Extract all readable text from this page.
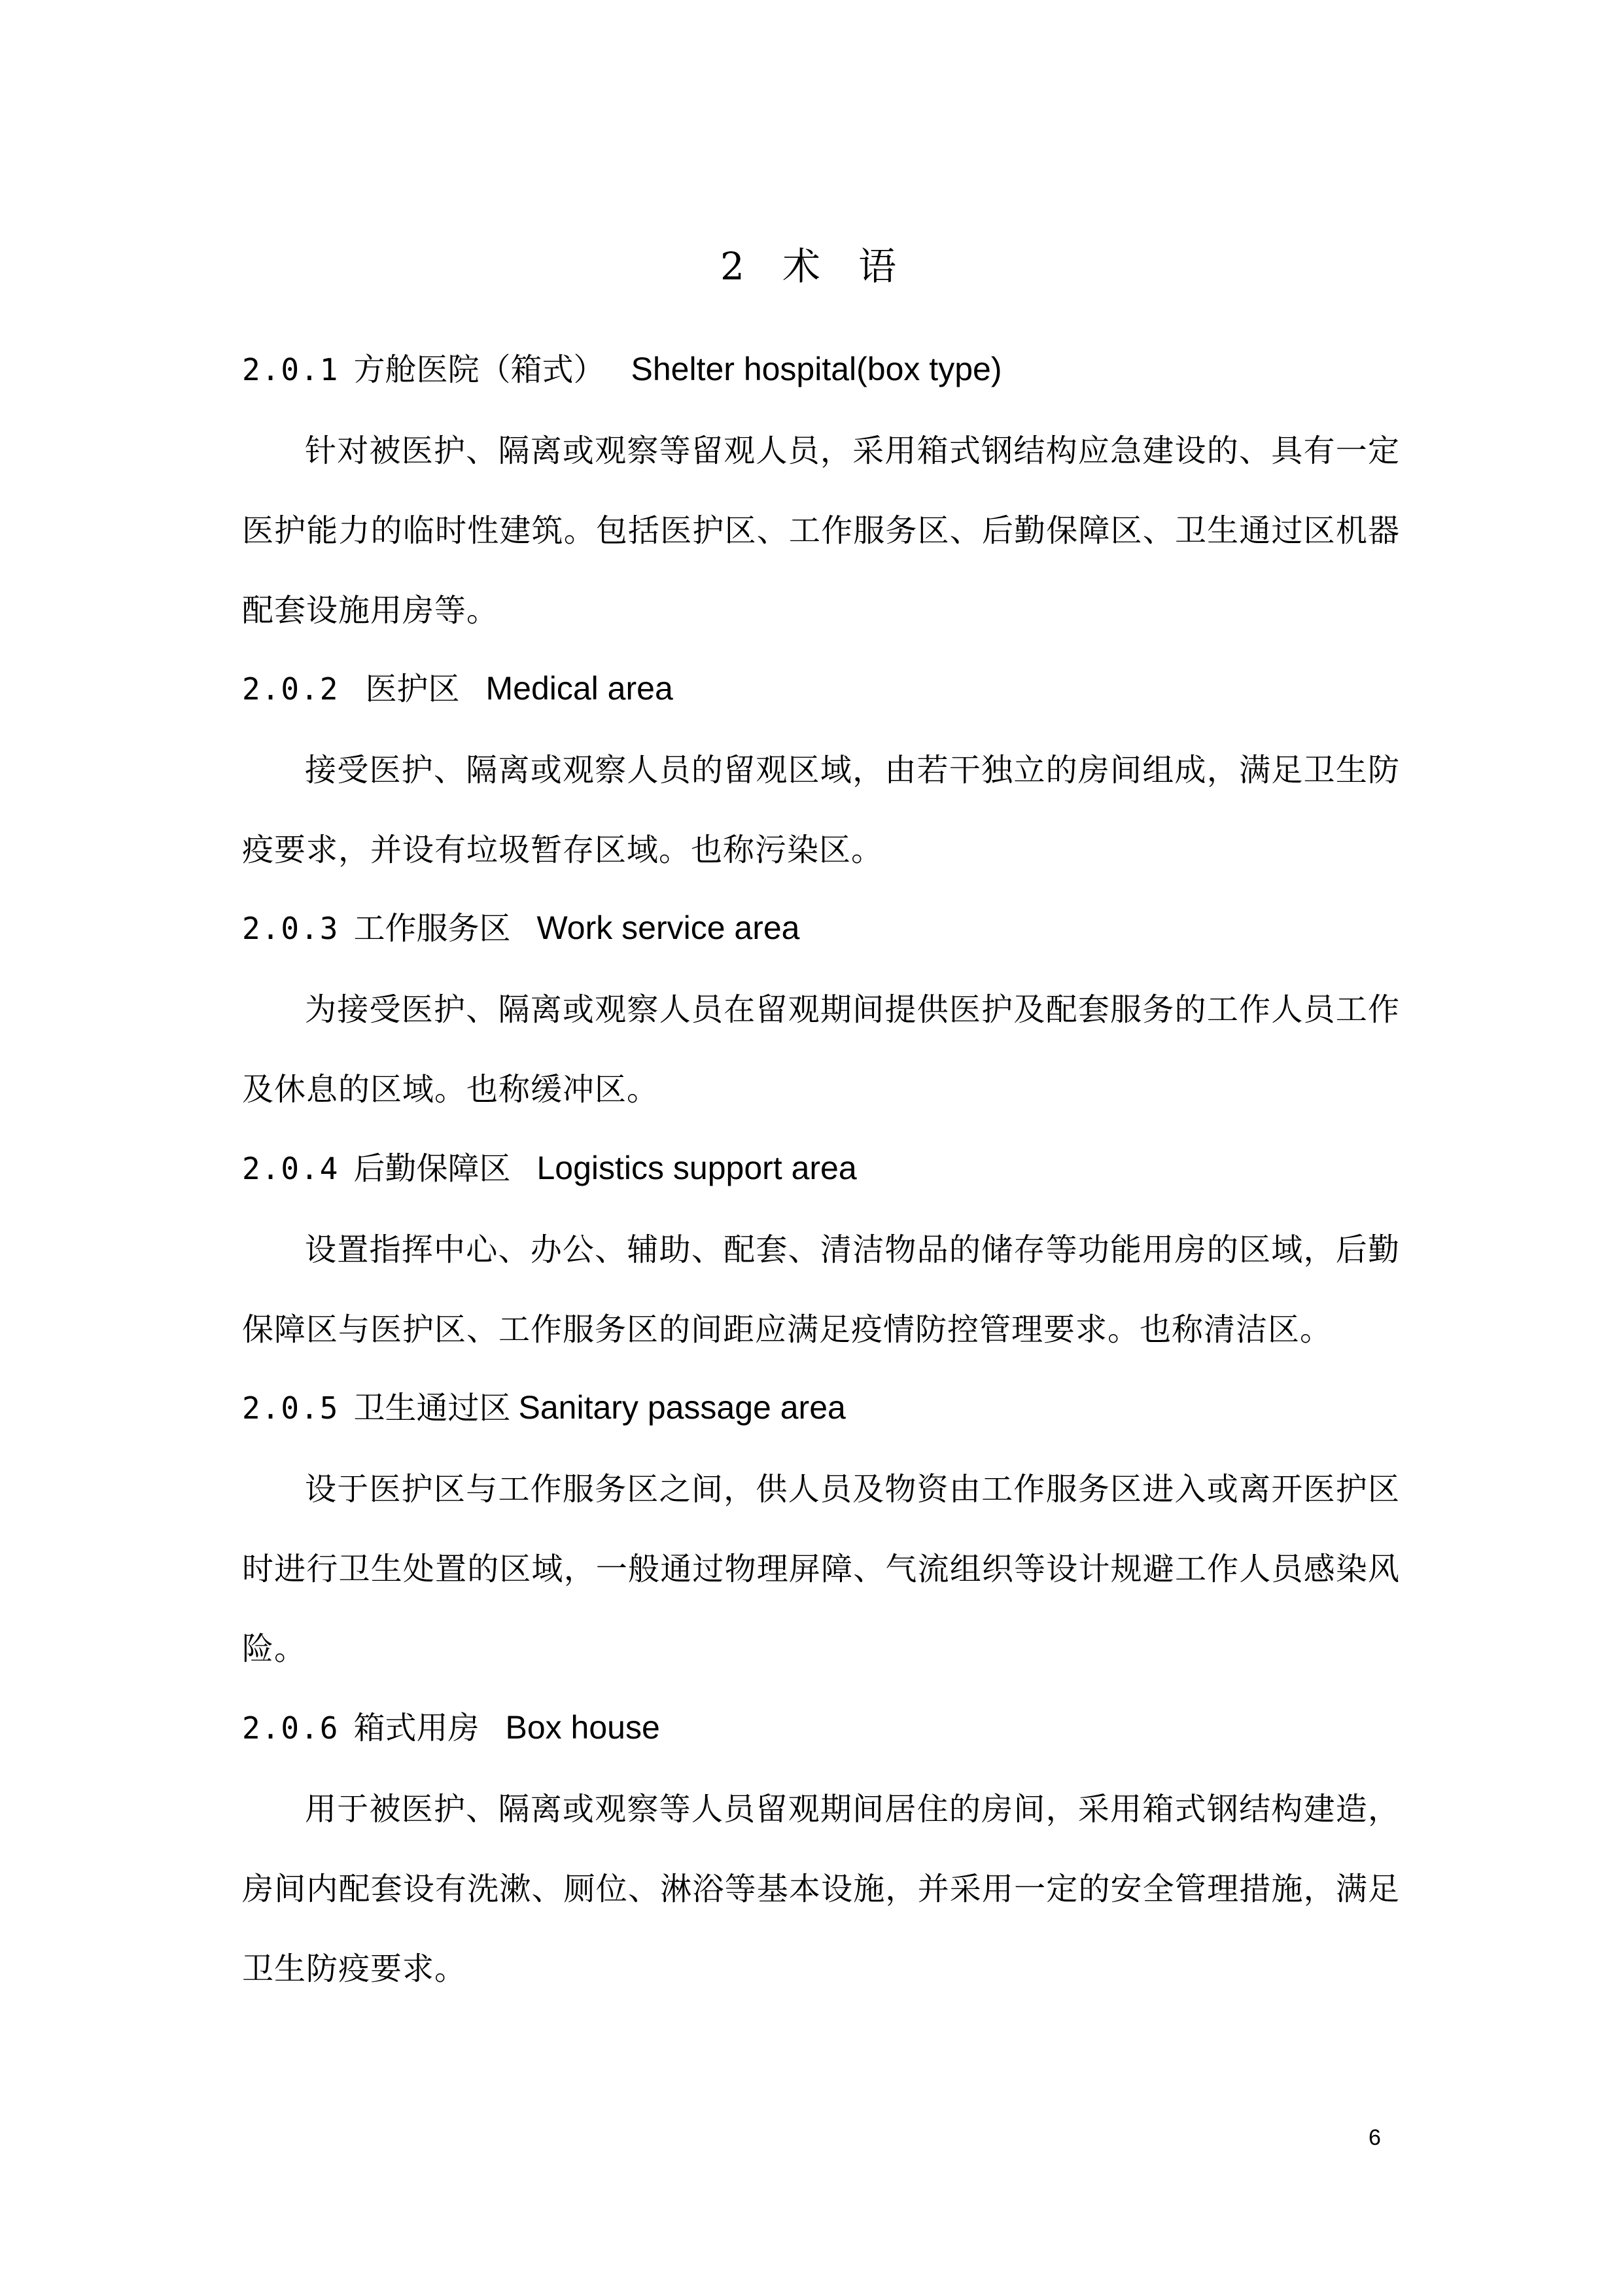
2 术 语
2.0.1 方舱医院（箱式） Shelter hospital(box type)

针对被医护、隔离或观察等留观人员，采用箱式钢结构应急建设的、具有一定医护能力的临时性建筑。包括医护区、工作服务区、后勤保障区、卫生通过区机器配套设施用房等。

2.0.2 医护区 Medical area

接受医护、隔离或观察人员的留观区域，由若干独立的房间组成，满足卫生防疫要求，并设有垃圾暂存区域。也称污染区。

2.0.3 工作服务区 Work service area

为接受医护、隔离或观察人员在留观期间提供医护及配套服务的工作人员工作及休息的区域。也称缓冲区。

2.0.4 后勤保障区 Logistics support area

设置指挥中心、办公、辅助、配套、清洁物品的储存等功能用房的区域，后勤保障区与医护区、工作服务区的间距应满足疫情防控管理要求。也称清洁区。

2.0.5 卫生通过区 Sanitary passage area

设于医护区与工作服务区之间，供人员及物资由工作服务区进入或离开医护区时进行卫生处置的区域，一般通过物理屏障、气流组织等设计规避工作人员感染风险。

2.0.6 箱式用房 Box house

用于被医护、隔离或观察等人员留观期间居住的房间，采用箱式钢结构建造，房间内配套设有洗漱、厕位、淋浴等基本设施，并采用一定的安全管理措施，满足卫生防疫要求。

6
